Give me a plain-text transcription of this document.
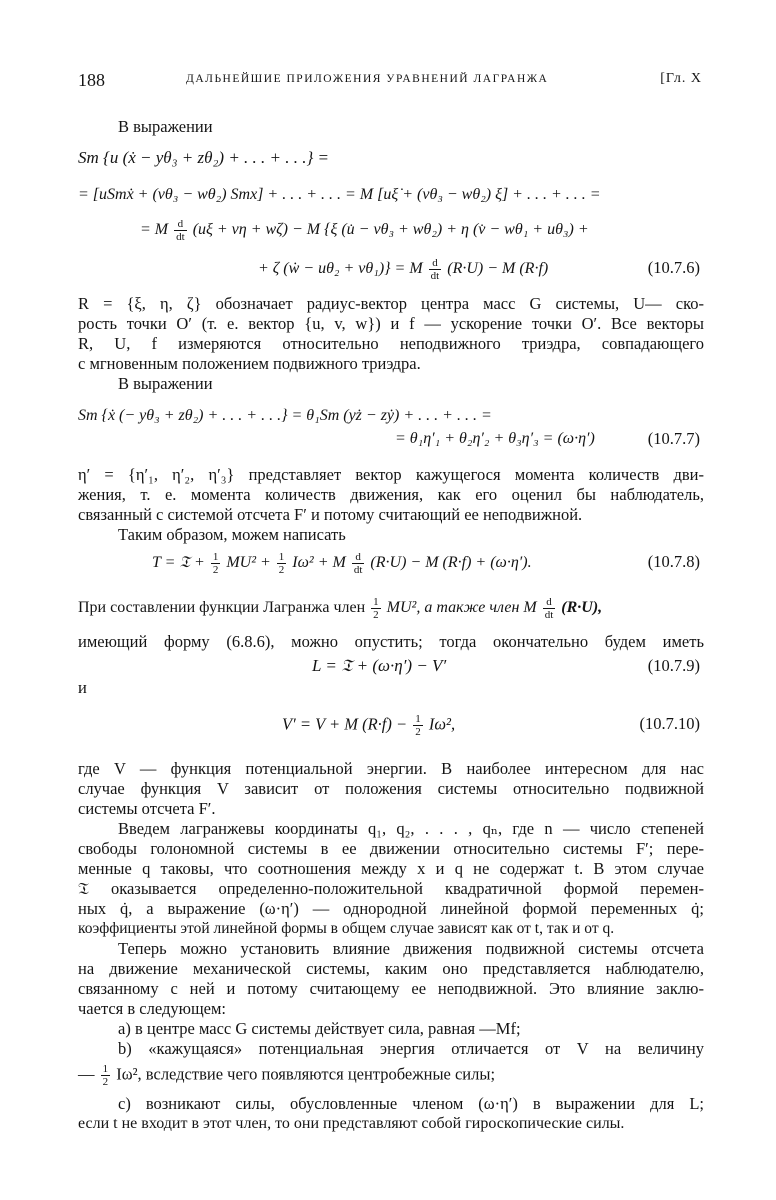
188	ДАЛЬНЕЙШИЕ ПРИЛОЖЕНИЯ УРАВНЕНИЙ ЛАГРАНЖА	[Гл. X
В выражении
Sm {u (ẋ − yθ₃ + zθ₂) + . . . + . . .} =
= [uSmẋ + (vθ₃ − wθ₂) Smx] + . . . + . . . = M [uξ̇ + (vθ₃ − wθ₂) ξ] + . . . + . . . =
= M $\frac{d}{dt} (u\xi + v\eta + w\zeta) - M$ {ξ (u̇ − vθ₃ + wθ₂) + η (v̇ − wθ₁ + uθ₃) +
+ ζ (ẇ − uθ₂ + vθ₁)} = M $\frac{d}{dt} (R\cdot U) - M$ (R·f)	(10.7.6)
R = {ξ, η, ζ} обозначает радиус-вектор центра масс G системы, U— ско-
рость точки O′ (т. е. вектор {u, v, w}) и f — ускорение точки O′. Все векторы
R, U, f измеряются относительно неподвижного триэдра, совпадающего
с мгновенным положением подвижного триэдра.
В выражении
Sm {ẋ (− yθ₃ + zθ₂) + . . . + . . .} = θ₁Sm (yż − zẏ) + . . . + . . . =
= θ₁η′₁ + θ₂η′₂ + θ₃η′₃ = (ω·η′)	(10.7.7)
η′ = {η′₁, η′₂, η′₃} представляет вектор кажущегося момента количеств дви-
жения, т. е. момента количеств движения, как его оценил бы наблюдатель,
связанный с системой отсчета F′ и потому считающий ее неподвижной.
Таким образом, можем написать
T = 𝔗 + $\frac{1}{2} MU^2 + \frac{1}{2} I\omega^2 + M \frac{d}{dt} (R\cdot U) - M$ (R·f) + (ω·η′).	(10.7.8)
При составлении функции Лагранжа член $\frac{1}{2} MU^2$, а также член M $\frac{d}{dt} (R\cdot U)$,
имеющий форму (6.8.6), можно опустить; тогда окончательно будем иметь
L = 𝔗 + (ω·η′) − V′	(10.7.9)
и
V′ = V + M $(R\cdot f) - \frac{1}{2} I\omega^2$,	(10.7.10)
где V — функция потенциальной энергии. В наиболее интересном для нас
случае функция V зависит от положения системы относительно подвижной
системы отсчета F′.
Введем лагранжевы координаты q₁, q₂, . . . , qₙ, где n — число степеней
свободы голономной системы в ее движении относительно системы F′; пере-
менные q таковы, что соотношения между x и q не содержат t. В этом случае
𝔗 оказывается определенно-положительной квадратичной формой перемен-
ных q̇, а выражение (ω·η′) — однородной линейной формой переменных q̇;
коэффициенты этой линейной формы в общем случае зависят как от t, так и от q.
Теперь можно установить влияние движения подвижной системы отсчета
на движение механической системы, каким оно представляется наблюдателю,
связанному с ней и потому считающему ее неподвижной. Это влияние заклю-
чается в следующем:
a) в центре масс G системы действует сила, равная —Mf;
b) «кажущаяся» потенциальная энергия отличается от V на величину
— $\frac{1}{2} I\omega^2$, вследствие чего появляются центробежные силы;
c) возникают силы, обусловленные членом (ω·η′) в выражении для L;
если t не входит в этот член, то они представляют собой гироскопические силы.
